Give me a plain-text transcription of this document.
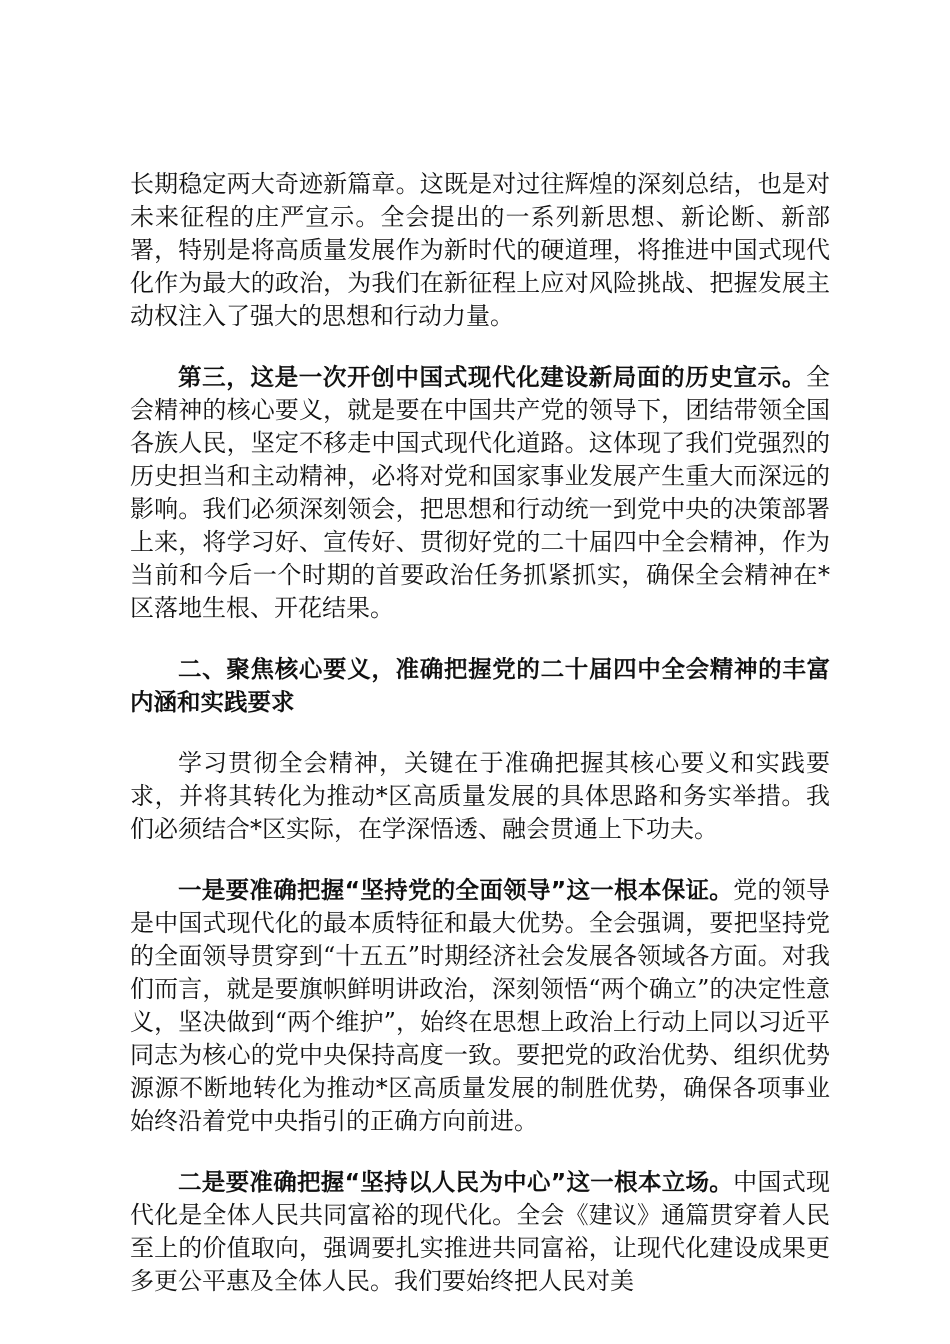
长期稳定两大奇迹新篇章。这既是对过往辉煌的深刻总结，也是对未来征程的庄严宣示。全会提出的一系列新思想、新论断、新部署，特别是将高质量发展作为新时代的硬道理，将推进中国式现代化作为最大的政治，为我们在新征程上应对风险挑战、把握发展主动权注入了强大的思想和行动力量。

第三，这是一次开创中国式现代化建设新局面的历史宣示。全会精神的核心要义，就是要在中国共产党的领导下，团结带领全国各族人民，坚定不移走中国式现代化道路。这体现了我们党强烈的历史担当和主动精神，必将对党和国家事业发展产生重大而深远的影响。我们必须深刻领会，把思想和行动统一到党中央的决策部署上来，将学习好、宣传好、贯彻好党的二十届四中全会精神，作为当前和今后一个时期的首要政治任务抓紧抓实，确保全会精神在*区落地生根、开花结果。

二、聚焦核心要义，准确把握党的二十届四中全会精神的丰富内涵和实践要求

学习贯彻全会精神，关键在于准确把握其核心要义和实践要求，并将其转化为推动*区高质量发展的具体思路和务实举措。我们必须结合*区实际，在学深悟透、融会贯通上下功夫。

一是要准确把握“坚持党的全面领导”这一根本保证。党的领导是中国式现代化的最本质特征和最大优势。全会强调，要把坚持党的全面领导贯穿到“十五五”时期经济社会发展各领域各方面。对我们而言，就是要旗帜鲜明讲政治，深刻领悟“两个确立”的决定性意义，坚决做到“两个维护”，始终在思想上政治上行动上同以习近平同志为核心的党中央保持高度一致。要把党的政治优势、组织优势源源不断地转化为推动*区高质量发展的制胜优势，确保各项事业始终沿着党中央指引的正确方向前进。

二是要准确把握“坚持以人民为中心”这一根本立场。中国式现代化是全体人民共同富裕的现代化。全会《建议》通篇贯穿着人民至上的价值取向，强调要扎实推进共同富裕，让现代化建设成果更多更公平惠及全体人民。我们要始终把人民对美
